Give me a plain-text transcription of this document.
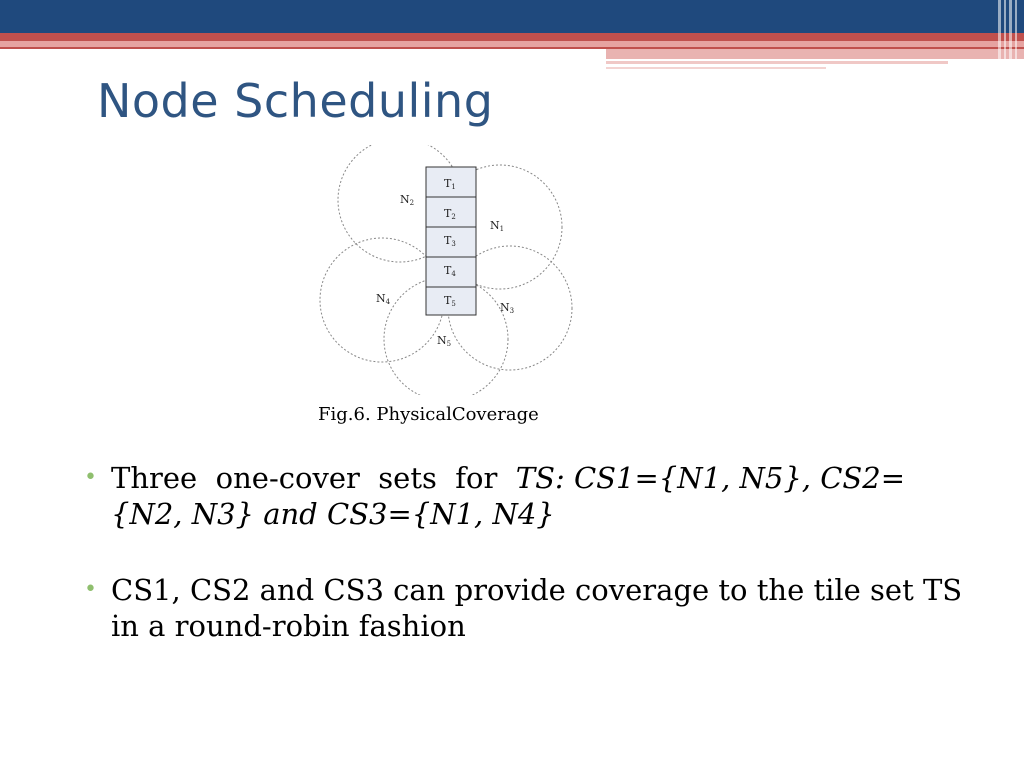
Node Scheduling
T1
T2
T3
T4
T5
N1
N2
N3
N4
N5
Fig.6. PhysicalCoverage
• Three  one-cover  sets  for  TS: CS1={N1, N5}, CS2={N2, N3} and CS3={N1, N4}
• CS1, CS2 and CS3 can provide coverage to the tile set TS in a round-robin fashion
